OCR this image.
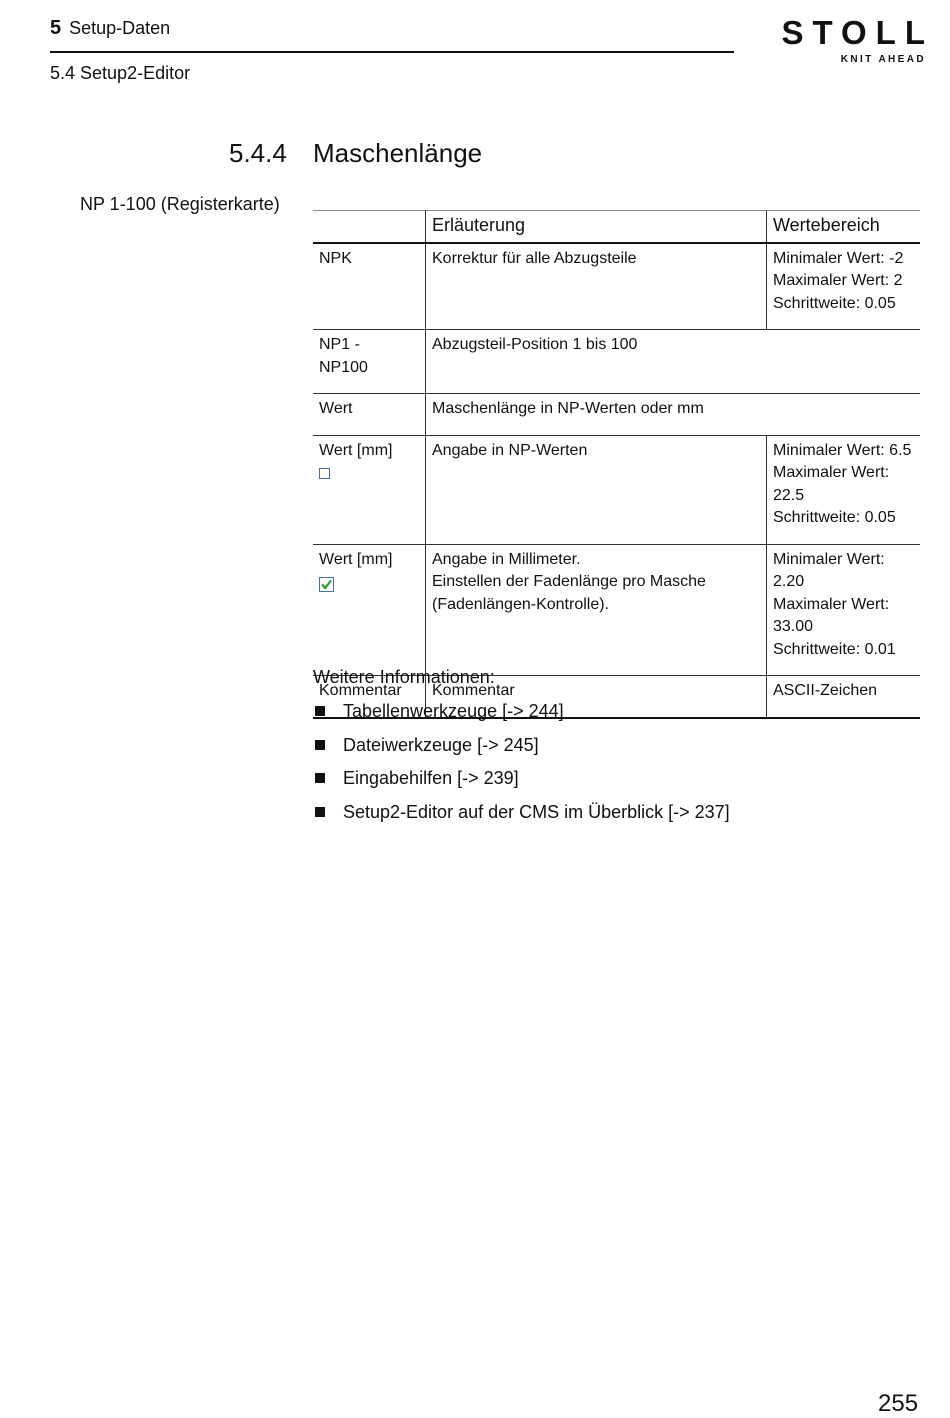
5 Setup-Daten
5.4 Setup2-Editor
STOLL
KNIT AHEAD
5.4.4 Maschenlänge
NP 1-100 (Registerkarte)
	Erläuterung	Wertebereich
NPK	Korrektur für alle Abzugsteile	Minimaler Wert: -2
Maximaler Wert: 2
Schrittweite: 0.05

NP1 - NP100	Abzugsteil-Position 1 bis 100	
Wert	Maschenlänge in NP-Werten oder mm	
Wert [mm]	Angabe in NP-Werten	Minimaler Wert: 6.5
Maximaler Wert: 22.5
Schrittweite: 0.05

Wert [mm]	Angabe in Millimeter.
Einstellen der Fadenlänge pro Masche
(Fadenlängen-Kontrolle).	Minimaler Wert: 2.20
Maximaler Wert:
33.00
Schrittweite: 0.01

Kommentar	Kommentar	ASCII-Zeichen
Weitere Informationen:
Tabellenwerkzeuge [-> 244]
Dateiwerkzeuge [-> 245]
Eingabehilfen [-> 239]
Setup2-Editor auf der CMS im Überblick [-> 237]
255
